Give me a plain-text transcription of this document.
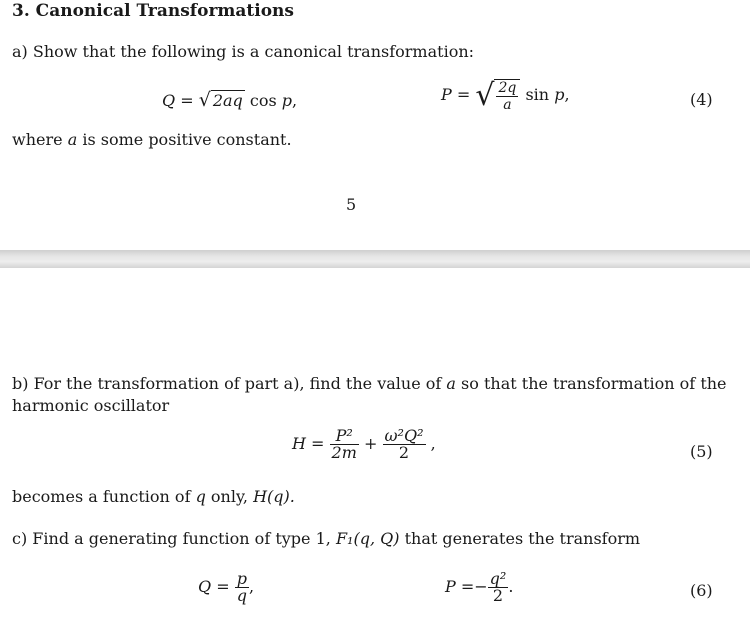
3. Canonical Transformations
a) Show that the following is a canonical transformation:
Q = √ 2aq cos p,	P = √ $\frac{2q}{a}$ sin p,	(4)
where a is some positive constant.
5
b) For the transformation of part a), find the value of a so that the transformation of the
harmonic oscillator
$H = \frac{\text{P²}}{2m} + \frac{\text{ω²Q²}}{2}$ ,	(5)
becomes a function of q only, H(q).
c) Find a generating function of type 1, F₁(q, Q) that generates the transform
$Q = \frac{p}{q}$ ,	$P =- \frac{\text{q²}}{2}$ .	(6)
